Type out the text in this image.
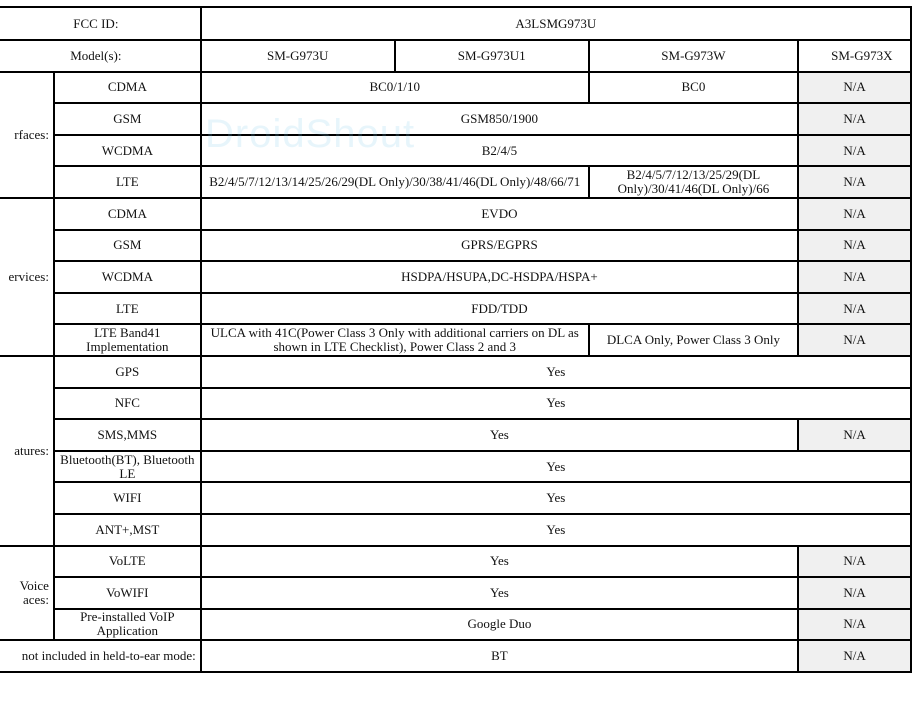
FCC ID:		A3LSMG973U			
Model(s):		SM-G973U	SM-G973U1	SM-G973W	SM-G973X
rfaces:	CDMA	BC0/1/10		BC0	N/A
	GSM	GSM850/1900			N/A
	WCDMA	B2/4/5			N/A
	LTE	B2/4/5/7/12/13/14/25/26/29(DL Only)/30/38/41/46(DL Only)/48/66/71		B2/4/5/7/12/13/25/29(DL Only)/30/41/46(DL Only)/66	N/A
ervices:	CDMA	EVDO			N/A
	GSM	GPRS/EGPRS			N/A
	WCDMA	HSDPA/HSUPA,DC-HSDPA/HSPA+			N/A
	LTE	FDD/TDD			N/A
	LTE Band41 Implementation	ULCA with 41C(Power Class 3 Only with additional carriers on DL as shown in LTE Checklist), Power Class 2 and 3		DLCA Only, Power Class 3 Only	N/A
atures:	GPS	Yes			
	NFC	Yes			
	SMS,MMS	Yes			N/A
	Bluetooth(BT), Bluetooth LE	Yes			
	WIFI	Yes			
	ANT+,MST	Yes			
Voice
aces:	VoLTE	Yes			N/A
	VoWIFI	Yes			N/A
	Pre-installed VoIP Application	Google Duo			N/A
not included in held-to-ear mode:		BT			N/A
DroidShout
